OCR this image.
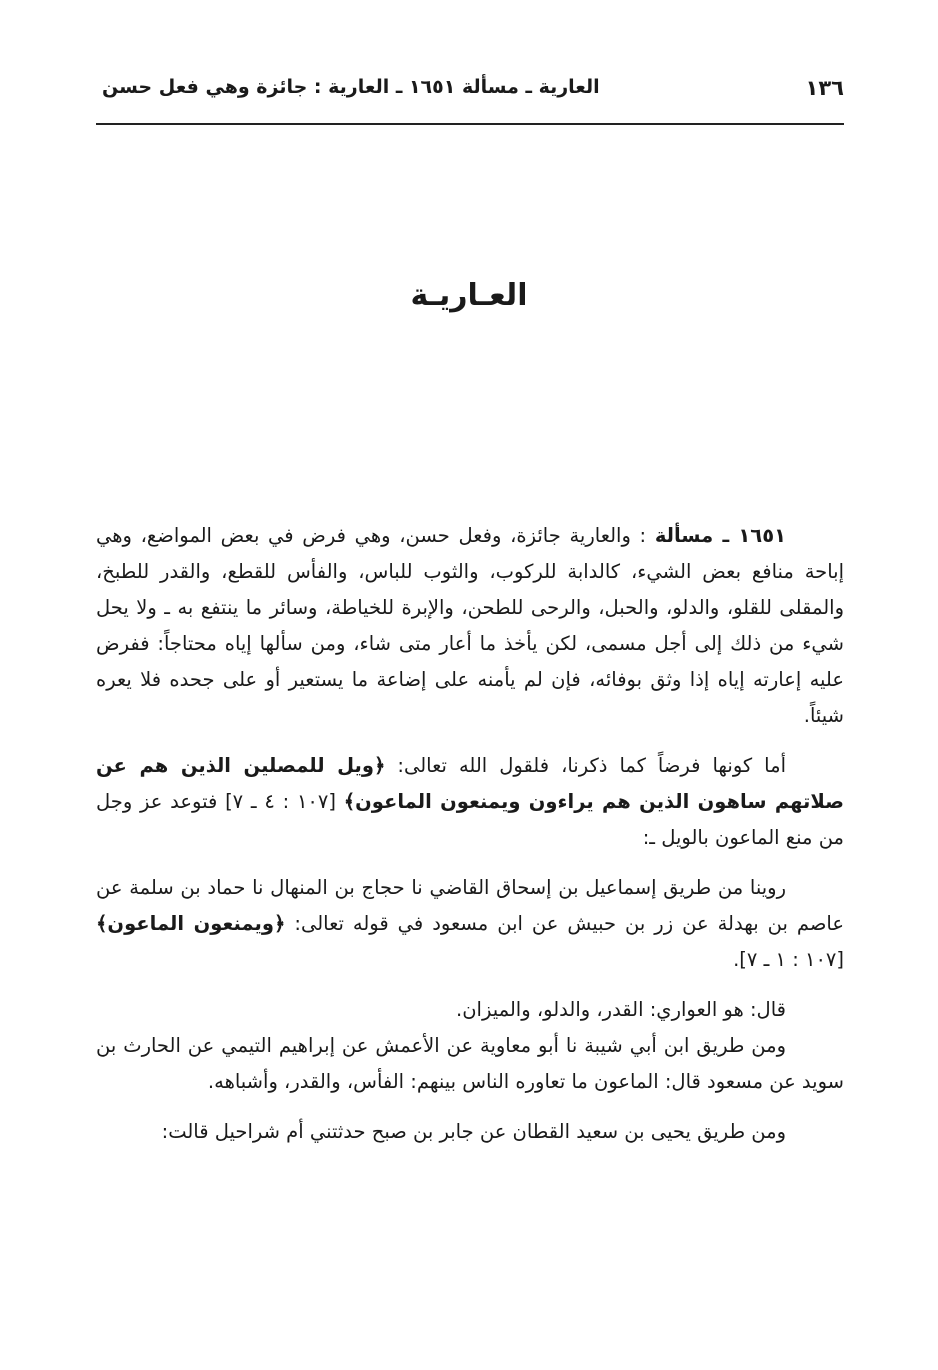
١٣٦
العارية ـ مسألة ١٦٥١ ـ العارية : جائزة وهي فعل حسن
العـاريـة

١٦٥١ ـ مسألة : والعارية جائزة، وفعل حسن، وهي فرض في بعض المواضع، وهي إباحة منافع بعض الشيء، كالدابة للركوب، والثوب للباس، والفأس للقطع، والقدر للطبخ، والمقلى للقلو، والدلو، والحبل، والرحى للطحن، والإبرة للخياطة، وسائر ما ينتفع به ـ ولا يحل شيء من ذلك إلى أجل مسمى، لكن يأخذ ما أعار متى شاء، ومن سألها إياه محتاجاً: ففرض عليه إعارته إياه إذا وثق بوفائه، فإن لم يأمنه على إضاعة ما يستعير أو على جحده فلا يعره شيئاً.

أما كونها فرضاً كما ذكرنا، فلقول الله تعالى: ﴿ويل للمصلين الذين هم عن صلاتهم ساهون الذين هم يراءون ويمنعون الماعون﴾ [١٠٧ : ٤ ـ ٧] فتوعد عز وجل من منع الماعون بالويل ـ:

روينا من طريق إسماعيل بن إسحاق القاضي نا حجاج بن المنهال نا حماد بن سلمة عن عاصم بن بهدلة عن زر بن حبيش عن ابن مسعود في قوله تعالى: ﴿ويمنعون الماعون﴾ [١٠٧ : ١ ـ ٧].

قال: هو العواري: القدر، والدلو، والميزان.

ومن طريق ابن أبي شيبة نا أبو معاوية عن الأعمش عن إبراهيم التيمي عن الحارث بن سويد عن مسعود قال: الماعون ما تعاوره الناس بينهم: الفأس، والقدر، وأشباهه.

ومن طريق يحيى بن سعيد القطان عن جابر بن صبح حدثتني أم شراحيل قالت:
